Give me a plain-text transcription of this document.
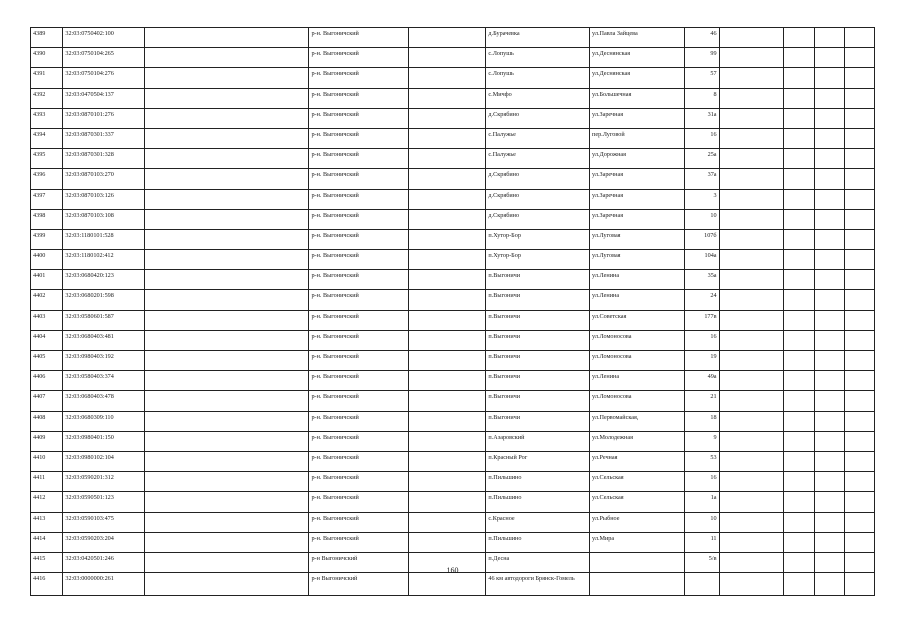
4389	32:03:0750402:100		р-н. Выгоничский		д.Бурачевка	ул.Павла Зайцева	46				
4390	32:03:0750104:265		р-н. Выгоничский		с.Лопушь	ул.Деснянская	99				
4391	32:03:0750104:276		р-н. Выгоничский		с.Лопушь	ул.Деснянская	57				
4392	32:03:0470504:137		р-н. Выгоничский		с.Мичфо	ул.Большечная	8				
4393	32:03:0870101:276		р-н. Выгоничский		д.Скрябино	ул.Заречная	31а				
4394	32:03:0870301:337		р-н. Выгоничский		с.Палужье	пер.Луговой	16				
4395	32:03:0870301:328		р-н. Выгоничский		с.Палужье	ул.Дорожная	25а				
4396	32:03:0870103:270		р-н. Выгоничский		д.Скрябино	ул.Заречная	37а				
4397	32:03:0870103:126		р-н. Выгоничский		д.Скрябино	ул.Заречная	3				
4398	32:03:0870103:108		р-н. Выгоничский		д.Скрябино	ул.Заречная	10				
4399	32:03:1180101:528		р-н. Выгоничский		п.Хутор-Бор	ул.Луговая	107б				
4400	32:03:1180102:412		р-н. Выгоничский		п.Хутор-Бор	ул.Луговая	104а				
4401	32:03:0680420:123		р-н. Выгоничский		п.Выгоничи	ул.Ленина	35а				
4402	32:03:0680201:598		р-н. Выгоничский		п.Выгоничи	ул.Ленина	24				
4403	32:03:0580601:587		р-н. Выгоничский		п.Выгоничи	ул.Советская	177в				
4404	32:03:0680403:481		р-н. Выгоничский		п.Выгоничи	ул.Ломоносова	16				
4405	32:03:0980403:192		р-н. Выгоничский		п.Выгоничи	ул.Ломоносова	19				
4406	32:03:0580403:374		р-н. Выгоничский		п.Выгоничи	ул.Ленина	49а				
4407	32:03:0680403:478		р-н. Выгоничский		п.Выгоничи	ул.Ломоносова	21				
4408	32:03:0680309:110		р-н. Выгоничский		п.Выгоничи	ул.Первомайская,	18				
4409	32:03:0980401:150		р-н. Выгоничский		п.Азаровский	ул.Молодежная	9				
4410	32:03:0980102:104		р-н. Выгоничский		п.Красный Рог	ул.Речная	53				
4411	32:03:0590201:312		р-н. Выгоничский		п.Пильшино	ул.Сельская	16				
4412	32:03:0590501:123		р-н. Выгоничский		п.Пильшино	ул.Сельская	1а				
4413	32:03:0590103:475		р-н. Выгоничский		с.Красное	ул.Рыбное	10				
4414	32:03:0590203:204		р-н. Выгоничский		п.Пильшино	ул.Мира	11				
4415	32:03:0420501:246		р-н Выгоничский		п.Десна		5/в				
4416	32:03:0000000:261		р-н Выгоничский		46 км автодороги Брянск-Гомель						
160
